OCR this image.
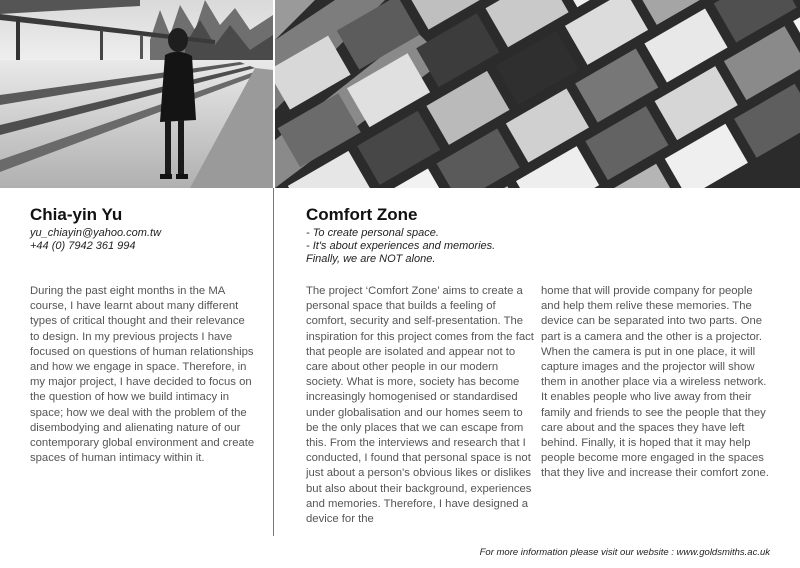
Chia-yin Yu
yu_chiayin@yahoo.com.tw
+44 (0) 7942 361 994
Comfort Zone
- To create personal space.
- It's about experiences and memories.
Finally, we are NOT alone.
During the past eight months in the MA course, I have learnt about many different types of critical thought and their relevance to design. In my previous projects I have focused on questions of human relationships and how we engage in space. Therefore, in my major project, I have decided to focus on the question of how we build intimacy in space; how we deal with the problem of the disembodying and alienating nature of our contemporary global environment and create spaces of human intimacy within it.
The project ‘Comfort Zone’ aims to create a personal space that builds a feeling of comfort, security and self-presentation. The inspiration for this project comes from the fact that people are isolated and appear not to care about other people in our modern society. What is more, society has become increasingly homogenised or standardised under globalisation and our homes seem to be the only places that we can escape from this. From the interviews and research that I conducted, I found that personal space is not just about a person's obvious likes or dislikes but also about their background, experiences and memories. Therefore, I have designed a device for the
home that will provide company for people and help them relive these memories. The device can be separated into two parts. One part is a camera and the other is a projector. When the camera is put in one place, it will capture images and the projector will show them in another place via a wireless network. It enables people who live away from their family and friends to see the people that they care about and the spaces they have left behind. Finally, it is hoped that it may help people become more engaged in the spaces that they live and increase their comfort zone.
For more information please visit our website : www.goldsmiths.ac.uk
